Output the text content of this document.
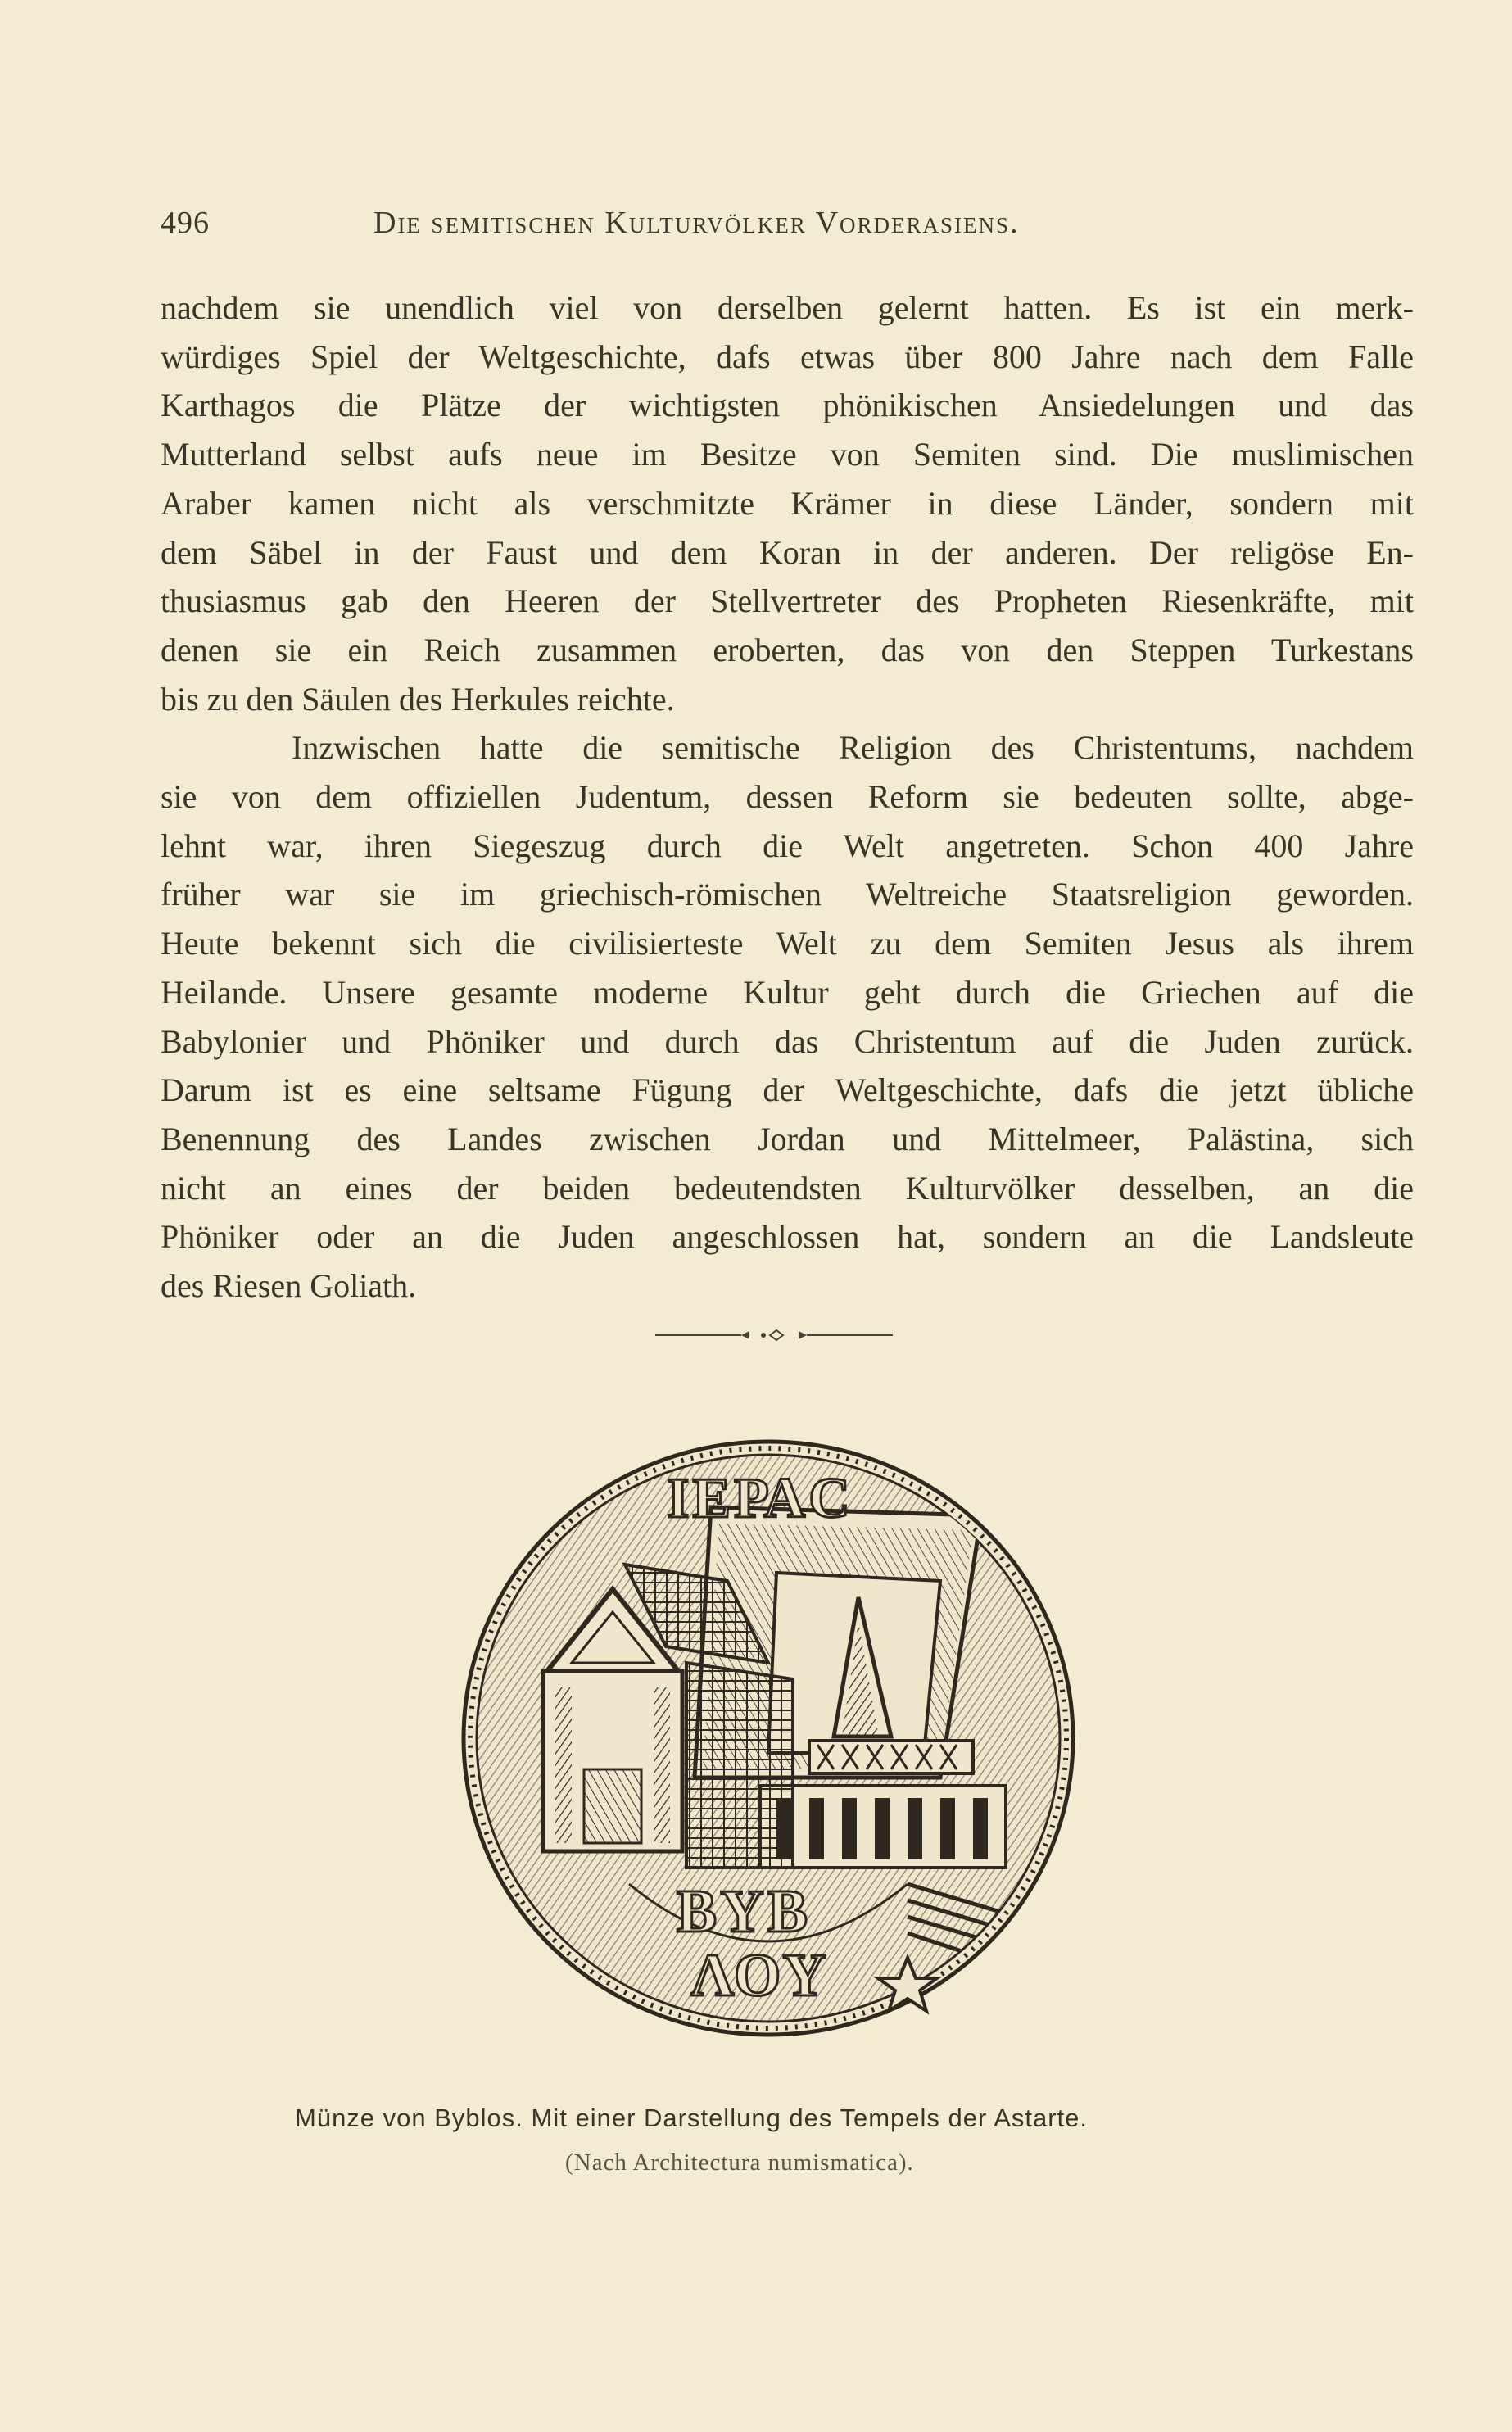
496	Die semitischen Kulturvölker Vorderasiens.

nachdem sie unendlich viel von derselben gelernt hatten. Es ist ein merk-
würdiges Spiel der Weltgeschichte, dafs etwas über 800 Jahre nach dem Falle
Karthagos die Plätze der wichtigsten phönikischen Ansiedelungen und das
Mutterland selbst aufs neue im Besitze von Semiten sind. Die muslimischen
Araber kamen nicht als verschmitzte Krämer in diese Länder, sondern mit
dem Säbel in der Faust und dem Koran in der anderen. Der religöse En-
thusiasmus gab den Heeren der Stellvertreter des Propheten Riesenkräfte, mit
denen sie ein Reich zusammen eroberten, das von den Steppen Turkestans
bis zu den Säulen des Herkules reichte.

Inzwischen hatte die semitische Religion des Christentums, nachdem
sie von dem offiziellen Judentum, dessen Reform sie bedeuten sollte, abge-
lehnt war, ihren Siegeszug durch die Welt angetreten. Schon 400 Jahre
früher war sie im griechisch-römischen Weltreiche Staatsreligion geworden.
Heute bekennt sich die civilisierteste Welt zu dem Semiten Jesus als ihrem
Heilande. Unsere gesamte moderne Kultur geht durch die Griechen auf die
Babylonier und Phöniker und durch das Christentum auf die Juden zurück.
Darum ist es eine seltsame Fügung der Weltgeschichte, dafs die jetzt übliche
Benennung des Landes zwischen Jordan und Mittelmeer, Palästina, sich
nicht an eines der beiden bedeutendsten Kulturvölker desselben, an die
Phöniker oder an die Juden angeschlossen hat, sondern an die Landsleute
des Riesen Goliath.

ΙΕΡΑC
ΒΥΒ
ΛΟΥ
Münze von Byblos. Mit einer Darstellung des Tempels der Astarte.
(Nach Architectura numismatica).
